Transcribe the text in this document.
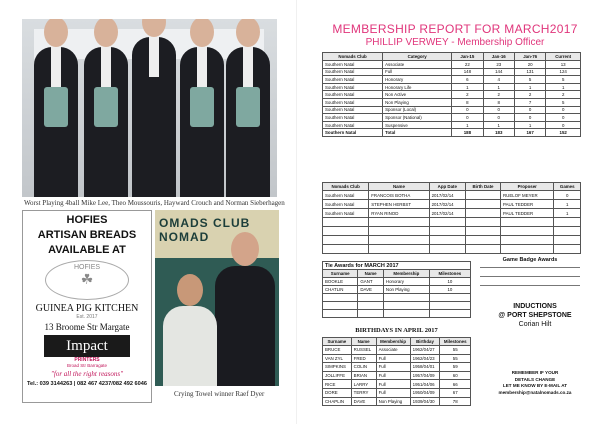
Worst Playing 4ball Mike Lee, Theo Moussouris, Hayward Crouch and Norman Sieberhagen
HOFIES
ARTISAN BREADS
AVAILABLE AT
HOFIES
☘
GUINEA PIG KITCHEN
Est. 2017
13 Broome Str Margate
Impact
PRINTERS
Broad Str Barragate
"for all the right reasons"
Tel.: 039 3144263 | 082 467 4237/082 492 6046
OMADS CLUB NOMAD
Crying Towel winner Raef Dyer
MEMBERSHIP REPORT FOR MARCH2017
PHILLIP VERWEY - Membership Officer
Nomads Club	Category	Jan-15	Jan-16	Jan-76	Current
Southern Natal	Associate	22	23	20	13
Southern Natal	Full	148	144	131	124
Southern Natal	Honorary	6	4	5	5
Southern Natal	Honorary Life	1	1	1	1
Southern Natal	Non Active	2	2	2	2
Southern Natal	Non Playing	8	8	7	5
Southern Natal	Sponsor (Local)	0	0	0	0
Southern Natal	Sponsor (National)	0	0	0	0
Southern Natal	Suspensive	1	1	1	0
Southern Natal	Total	188	183	167	152
Nomads Club	Name	App Date	Birth Date	Proposer	Games
Southern Natal	FRANCOIS BOTHA	2017/02/14		RUELOF MEYER	0
Southern Natal	STEPHEN HERBST	2017/02/14		PAUL TEDDER	1
Southern Natal	RYAN RINOD	2017/02/14		PAUL TEDDER	1

Tie Awards for MARCH 2017			
Surname	Name	Membership	Milestones
BOOKLE	GANT	Honorary	10
CHATLIN	DAVE	Non Playing	10

Game Badge Awards
BIRTHDAYS IN APRIL 2017
Surname	Name	Membership	Birthday	Milestones
BRUCE	RUSSEL	Associate	1962/04/27	55
VAN ZYL	FRED	Full	1962/04/23	55
SIMPKINS	COLIN	Full	1958/04/01	59
JOLLIFFE	BRIAN	Full	1957/04/09	60
RICE	LARRY	Full	1951/04/06	66
DORE	TERRY	Full	1950/04/09	67
CHAPLIN	DAVE	Non Playing	1939/04/30	78
INDUCTIONS
@ PORT SHEPSTONE
Corian Hilt
REMEMBER IF YOUR
DETAILS CHANGE
LET ME KNOW BY E-MAIL AT
membership@natalnomads.co.za
